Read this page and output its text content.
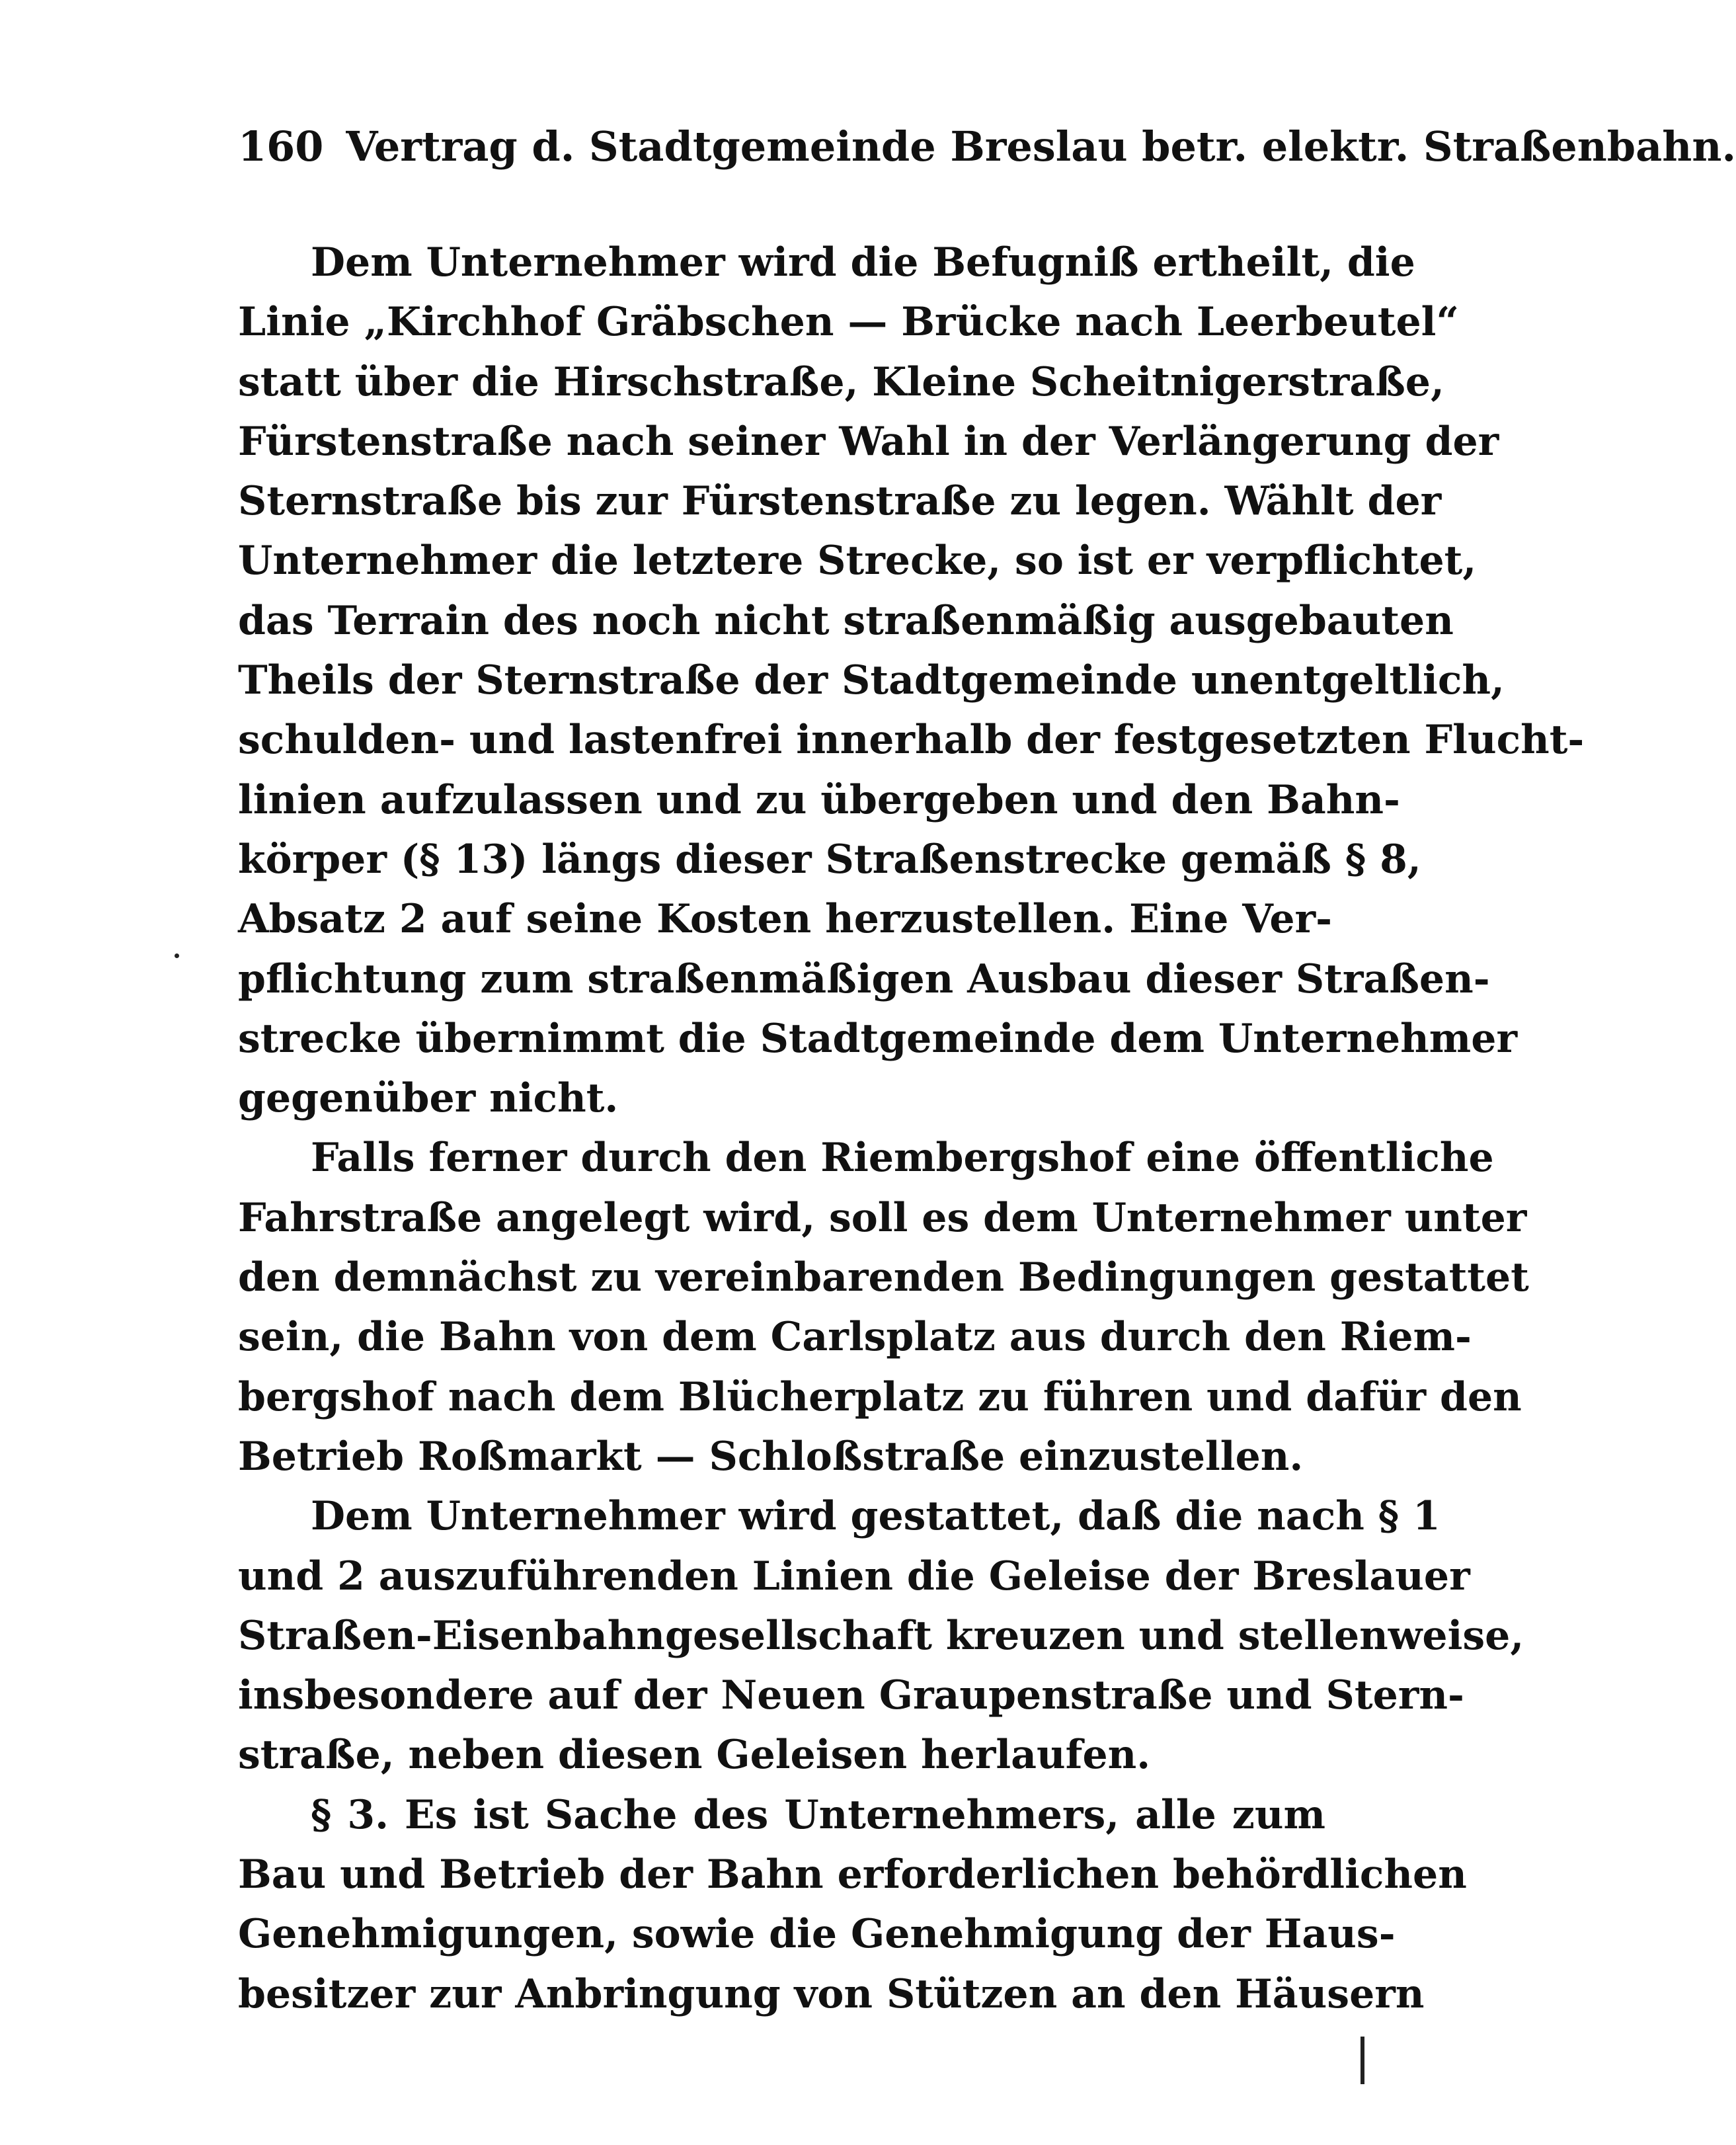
160 Vertrag d. Stadtgemeinde Breslau betr. elektr. Straßenbahn.
Dem Unternehmer wird die Befugniß ertheilt, die
Linie „Kirchhof Gräbschen — Brücke nach Leerbeutel“
statt über die Hirschstraße, Kleine Scheitnigerstraße,
Fürstenstraße nach seiner Wahl in der Verlängerung der
Sternstraße bis zur Fürstenstraße zu legen. Wählt der
Unternehmer die letztere Strecke, so ist er verpflichtet,
das Terrain des noch nicht straßenmäßig ausgebauten
Theils der Sternstraße der Stadtgemeinde unentgeltlich,
schulden- und lastenfrei innerhalb der festgesetzten Flucht-
linien aufzulassen und zu übergeben und den Bahn-
körper (§ 13) längs dieser Straßenstrecke gemäß § 8,
Absatz 2 auf seine Kosten herzustellen. Eine Ver-
pflichtung zum straßenmäßigen Ausbau dieser Straßen-
strecke übernimmt die Stadtgemeinde dem Unternehmer
gegenüber nicht.
Falls ferner durch den Riembergshof eine öffentliche
Fahrstraße angelegt wird, soll es dem Unternehmer unter
den demnächst zu vereinbarenden Bedingungen gestattet
sein, die Bahn von dem Carlsplatz aus durch den Riem-
bergshof nach dem Blücherplatz zu führen und dafür den
Betrieb Roßmarkt — Schloßstraße einzustellen.
Dem Unternehmer wird gestattet, daß die nach § 1
und 2 auszuführenden Linien die Geleise der Breslauer
Straßen-Eisenbahngesellschaft kreuzen und stellenweise,
insbesondere auf der Neuen Graupenstraße und Stern-
straße, neben diesen Geleisen herlaufen.
§ 3. Es ist Sache des Unternehmers, alle zum
Bau und Betrieb der Bahn erforderlichen behördlichen
Genehmigungen, sowie die Genehmigung der Haus-
besitzer zur Anbringung von Stützen an den Häusern
